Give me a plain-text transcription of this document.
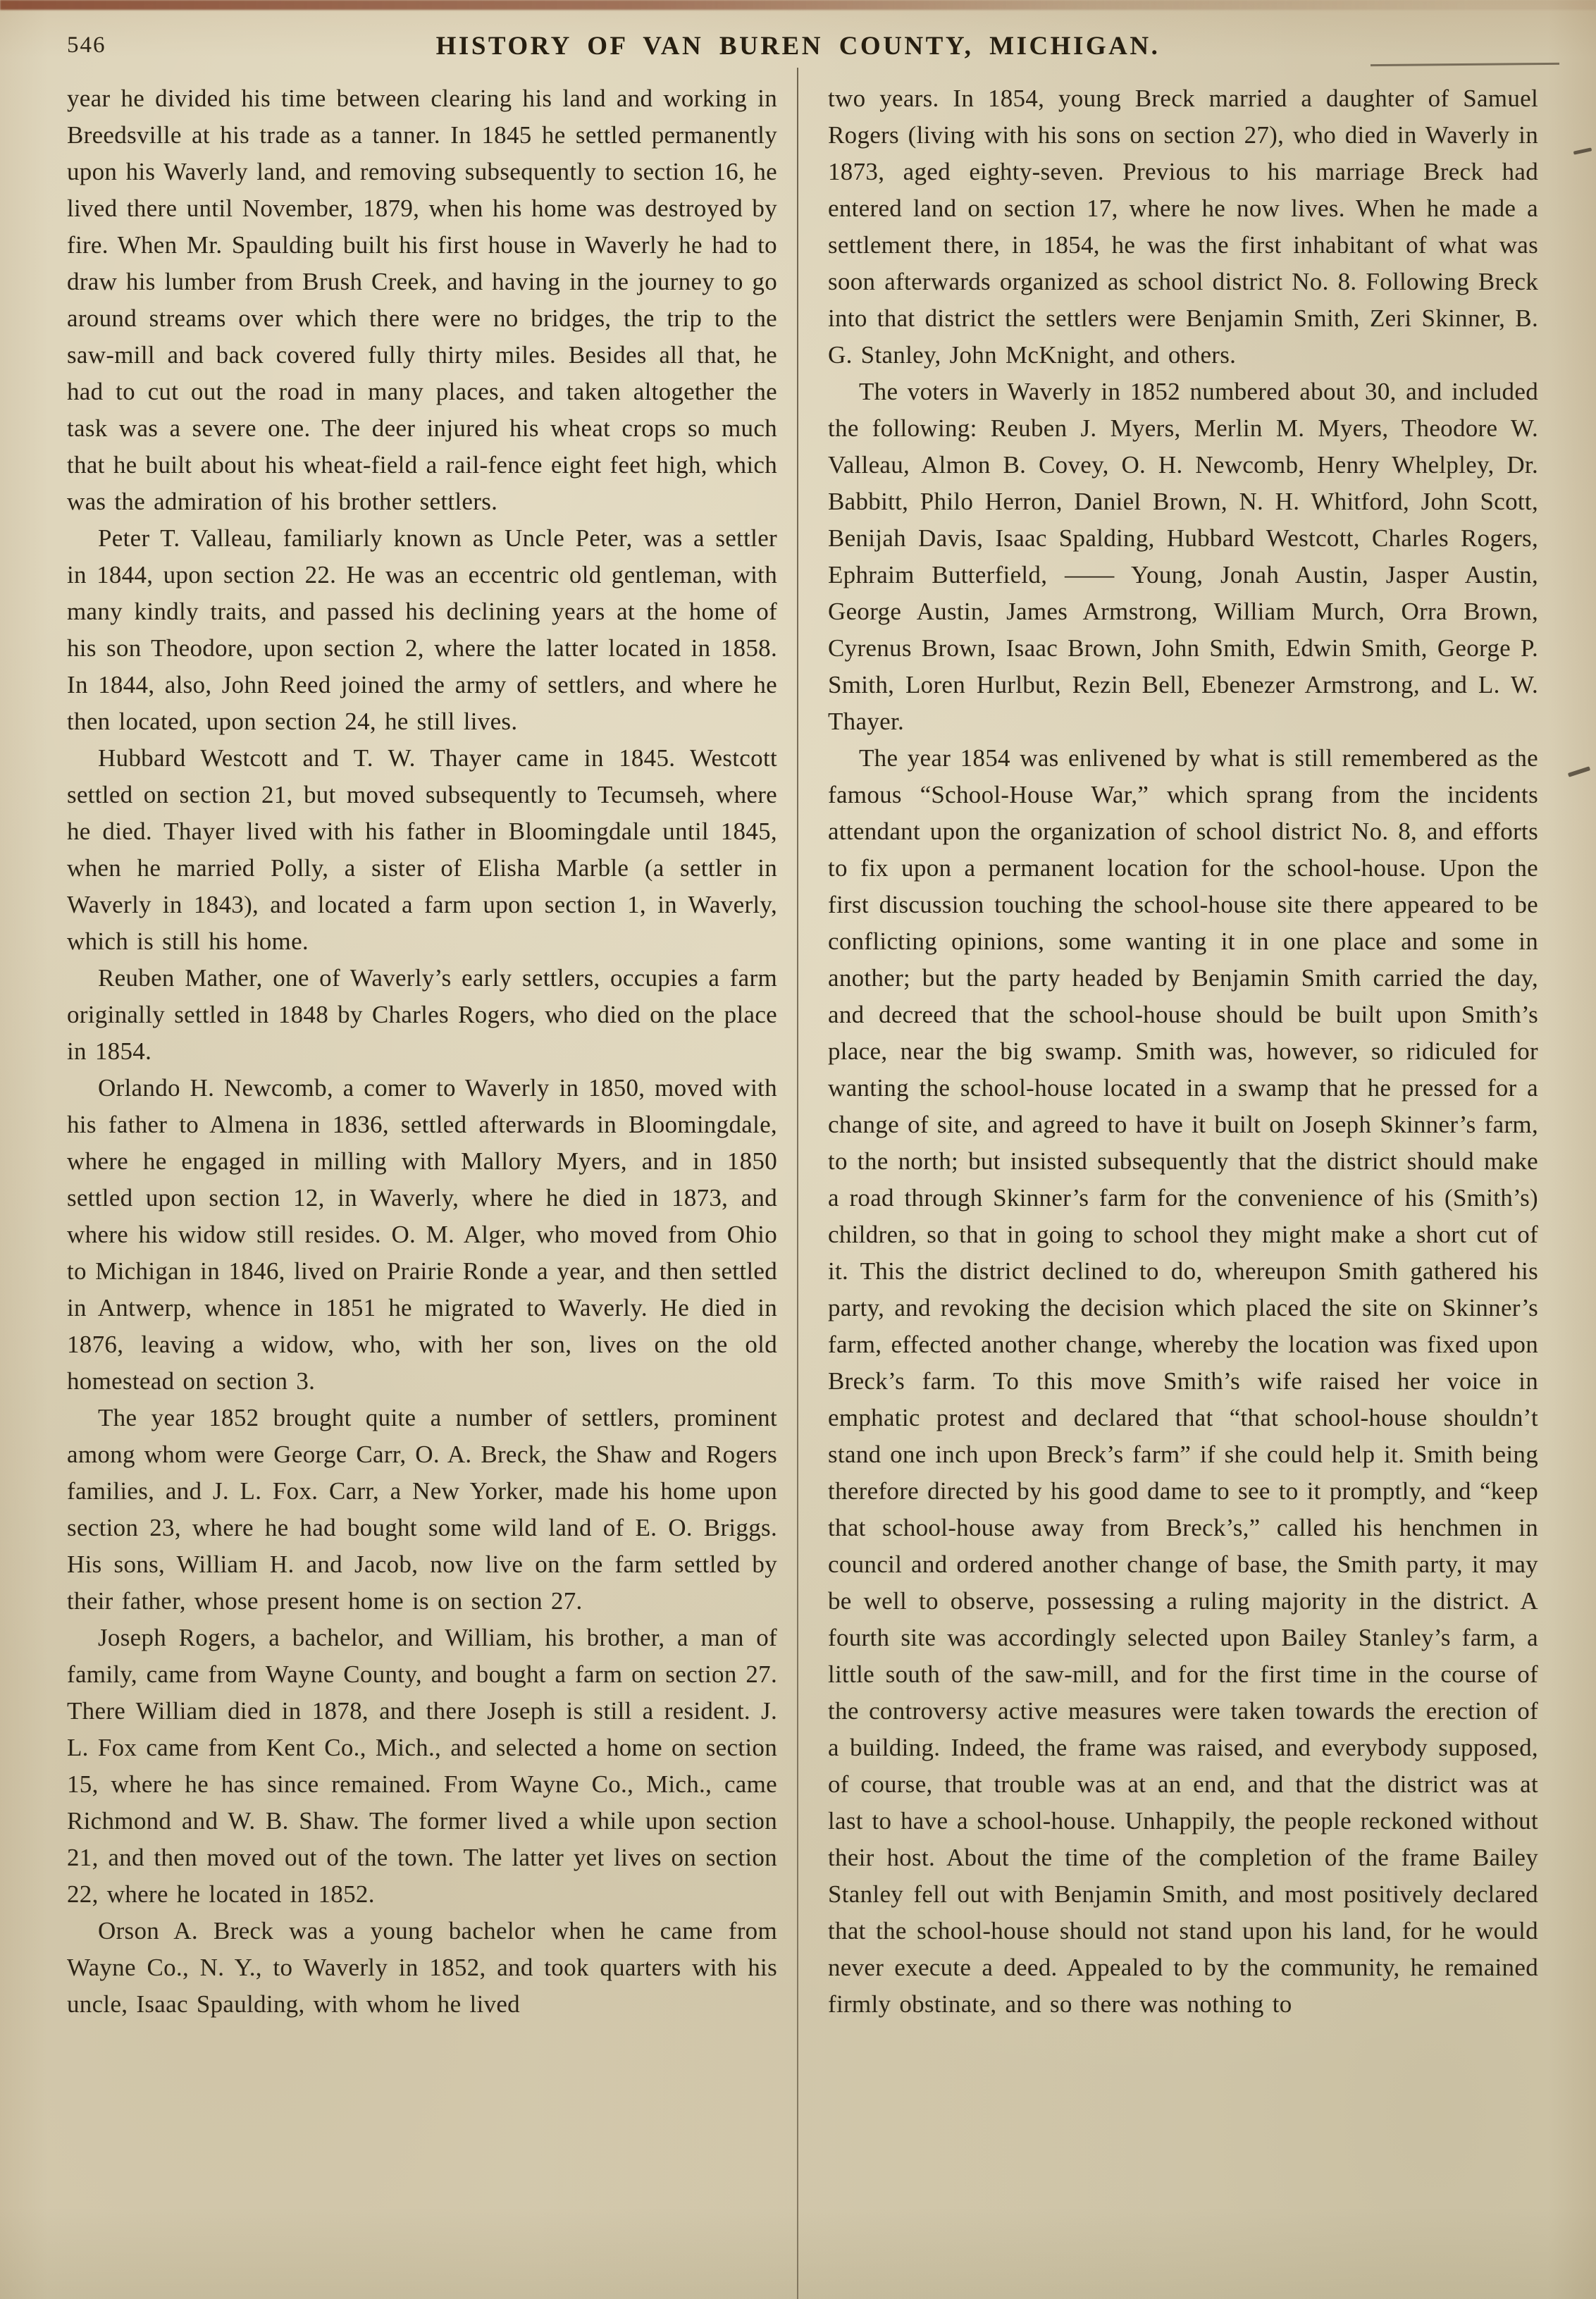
546	HISTORY OF VAN BUREN COUNTY, MICHIGAN.

year he divided his time between clearing his land and working in Breedsville at his trade as a tanner. In 1845 he settled permanently upon his Waverly land, and removing subsequently to section 16, he lived there until November, 1879, when his home was destroyed by fire. When Mr. Spaulding built his first house in Waverly he had to draw his lumber from Brush Creek, and having in the journey to go around streams over which there were no bridges, the trip to the saw-mill and back covered fully thirty miles. Besides all that, he had to cut out the road in many places, and taken altogether the task was a severe one. The deer injured his wheat crops so much that he built about his wheat-field a rail-fence eight feet high, which was the admiration of his brother settlers.

Peter T. Valleau, familiarly known as Uncle Peter, was a settler in 1844, upon section 22. He was an eccentric old gentleman, with many kindly traits, and passed his declining years at the home of his son Theodore, upon section 2, where the latter located in 1858. In 1844, also, John Reed joined the army of settlers, and where he then located, upon section 24, he still lives.

Hubbard Westcott and T. W. Thayer came in 1845. Westcott settled on section 21, but moved subsequently to Tecumseh, where he died. Thayer lived with his father in Bloomingdale until 1845, when he married Polly, a sister of Elisha Marble (a settler in Waverly in 1843), and located a farm upon section 1, in Waverly, which is still his home.

Reuben Mather, one of Waverly’s early settlers, occupies a farm originally settled in 1848 by Charles Rogers, who died on the place in 1854.

Orlando H. Newcomb, a comer to Waverly in 1850, moved with his father to Almena in 1836, settled afterwards in Bloomingdale, where he engaged in milling with Mallory Myers, and in 1850 settled upon section 12, in Waverly, where he died in 1873, and where his widow still resides. O. M. Alger, who moved from Ohio to Michigan in 1846, lived on Prairie Ronde a year, and then settled in Antwerp, whence in 1851 he migrated to Waverly. He died in 1876, leaving a widow, who, with her son, lives on the old homestead on section 3.

The year 1852 brought quite a number of settlers, prominent among whom were George Carr, O. A. Breck, the Shaw and Rogers families, and J. L. Fox. Carr, a New Yorker, made his home upon section 23, where he had bought some wild land of E. O. Briggs. His sons, William H. and Jacob, now live on the farm settled by their father, whose present home is on section 27.

Joseph Rogers, a bachelor, and William, his brother, a man of family, came from Wayne County, and bought a farm on section 27. There William died in 1878, and there Joseph is still a resident. J. L. Fox came from Kent Co., Mich., and selected a home on section 15, where he has since remained. From Wayne Co., Mich., came Richmond and W. B. Shaw. The former lived a while upon section 21, and then moved out of the town. The latter yet lives on section 22, where he located in 1852.

Orson A. Breck was a young bachelor when he came from Wayne Co., N. Y., to Waverly in 1852, and took quarters with his uncle, Isaac Spaulding, with whom he lived

two years. In 1854, young Breck married a daughter of Samuel Rogers (living with his sons on section 27), who died in Waverly in 1873, aged eighty-seven. Previous to his marriage Breck had entered land on section 17, where he now lives. When he made a settlement there, in 1854, he was the first inhabitant of what was soon afterwards organized as school district No. 8. Following Breck into that district the settlers were Benjamin Smith, Zeri Skinner, B. G. Stanley, John McKnight, and others.

The voters in Waverly in 1852 numbered about 30, and included the following: Reuben J. Myers, Merlin M. Myers, Theodore W. Valleau, Almon B. Covey, O. H. Newcomb, Henry Whelpley, Dr. Babbitt, Philo Herron, Daniel Brown, N. H. Whitford, John Scott, Benijah Davis, Isaac Spalding, Hubbard Westcott, Charles Rogers, Ephraim Butterfield, —— Young, Jonah Austin, Jasper Austin, George Austin, James Armstrong, William Murch, Orra Brown, Cyrenus Brown, Isaac Brown, John Smith, Edwin Smith, George P. Smith, Loren Hurlbut, Rezin Bell, Ebenezer Armstrong, and L. W. Thayer.

The year 1854 was enlivened by what is still remembered as the famous “School-House War,” which sprang from the incidents attendant upon the organization of school district No. 8, and efforts to fix upon a permanent location for the school-house. Upon the first discussion touching the school-house site there appeared to be conflicting opinions, some wanting it in one place and some in another; but the party headed by Benjamin Smith carried the day, and decreed that the school-house should be built upon Smith’s place, near the big swamp. Smith was, however, so ridiculed for wanting the school-house located in a swamp that he pressed for a change of site, and agreed to have it built on Joseph Skinner’s farm, to the north; but insisted subsequently that the district should make a road through Skinner’s farm for the convenience of his (Smith’s) children, so that in going to school they might make a short cut of it. This the district declined to do, whereupon Smith gathered his party, and revoking the decision which placed the site on Skinner’s farm, effected another change, whereby the location was fixed upon Breck’s farm. To this move Smith’s wife raised her voice in emphatic protest and declared that “that school-house shouldn’t stand one inch upon Breck’s farm” if she could help it. Smith being therefore directed by his good dame to see to it promptly, and “keep that school-house away from Breck’s,” called his henchmen in council and ordered another change of base, the Smith party, it may be well to observe, possessing a ruling majority in the district. A fourth site was accordingly selected upon Bailey Stanley’s farm, a little south of the saw-mill, and for the first time in the course of the controversy active measures were taken towards the erection of a building. Indeed, the frame was raised, and everybody supposed, of course, that trouble was at an end, and that the district was at last to have a school-house. Unhappily, the people reckoned without their host. About the time of the completion of the frame Bailey Stanley fell out with Benjamin Smith, and most positively declared that the school-house should not stand upon his land, for he would never execute a deed. Appealed to by the community, he remained firmly obstinate, and so there was nothing to
